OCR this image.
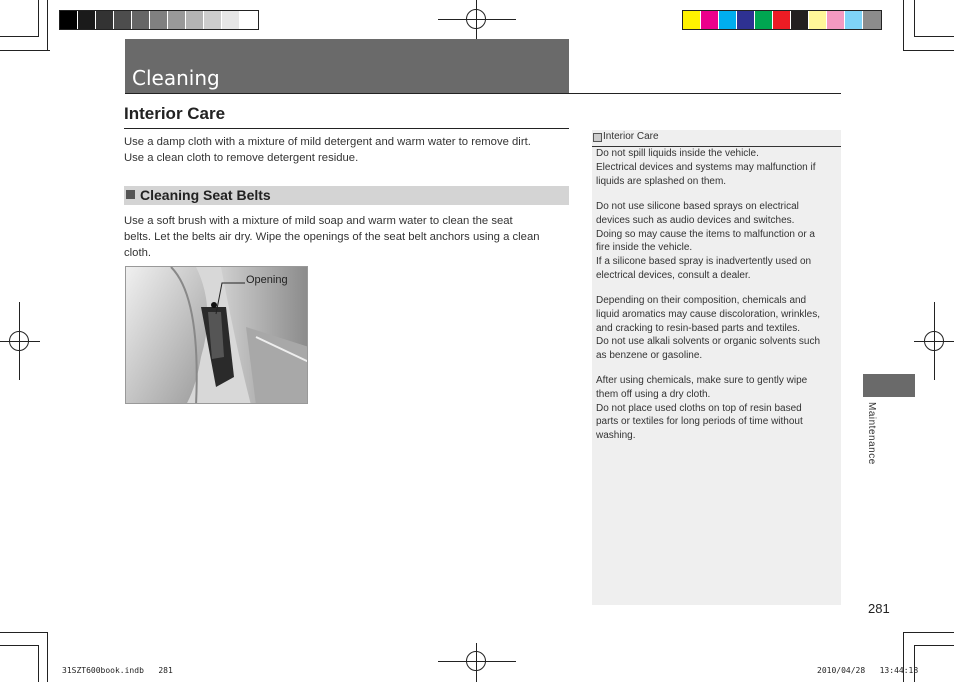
Cleaning
Interior Care
Use a damp cloth with a mixture of mild detergent and warm water to remove dirt.
Use a clean cloth to remove detergent residue.
Cleaning Seat Belts
Use a soft brush with a mixture of mild soap and warm water to clean the seat
belts. Let the belts air dry. Wipe the openings of the seat belt anchors using a clean
cloth.
Opening
Interior Care
Do not spill liquids inside the vehicle.
Electrical devices and systems may malfunction if
liquids are splashed on them.
Do not use silicone based sprays on electrical
devices such as audio devices and switches.
Doing so may cause the items to malfunction or a
fire inside the vehicle.
If a silicone based spray is inadvertently used on
electrical devices, consult a dealer.
Depending on their composition, chemicals and
liquid aromatics may cause discoloration, wrinkles,
and cracking to resin-based parts and textiles.
Do not use alkali solvents or organic solvents such
as benzene or gasoline.
After using chemicals, make sure to gently wipe
them off using a dry cloth.
Do not place used cloths on top of resin based
parts or textiles for long periods of time without
washing.	Maintenance
281
31SZT600book.indb   281	2010/04/28   13:44:18
